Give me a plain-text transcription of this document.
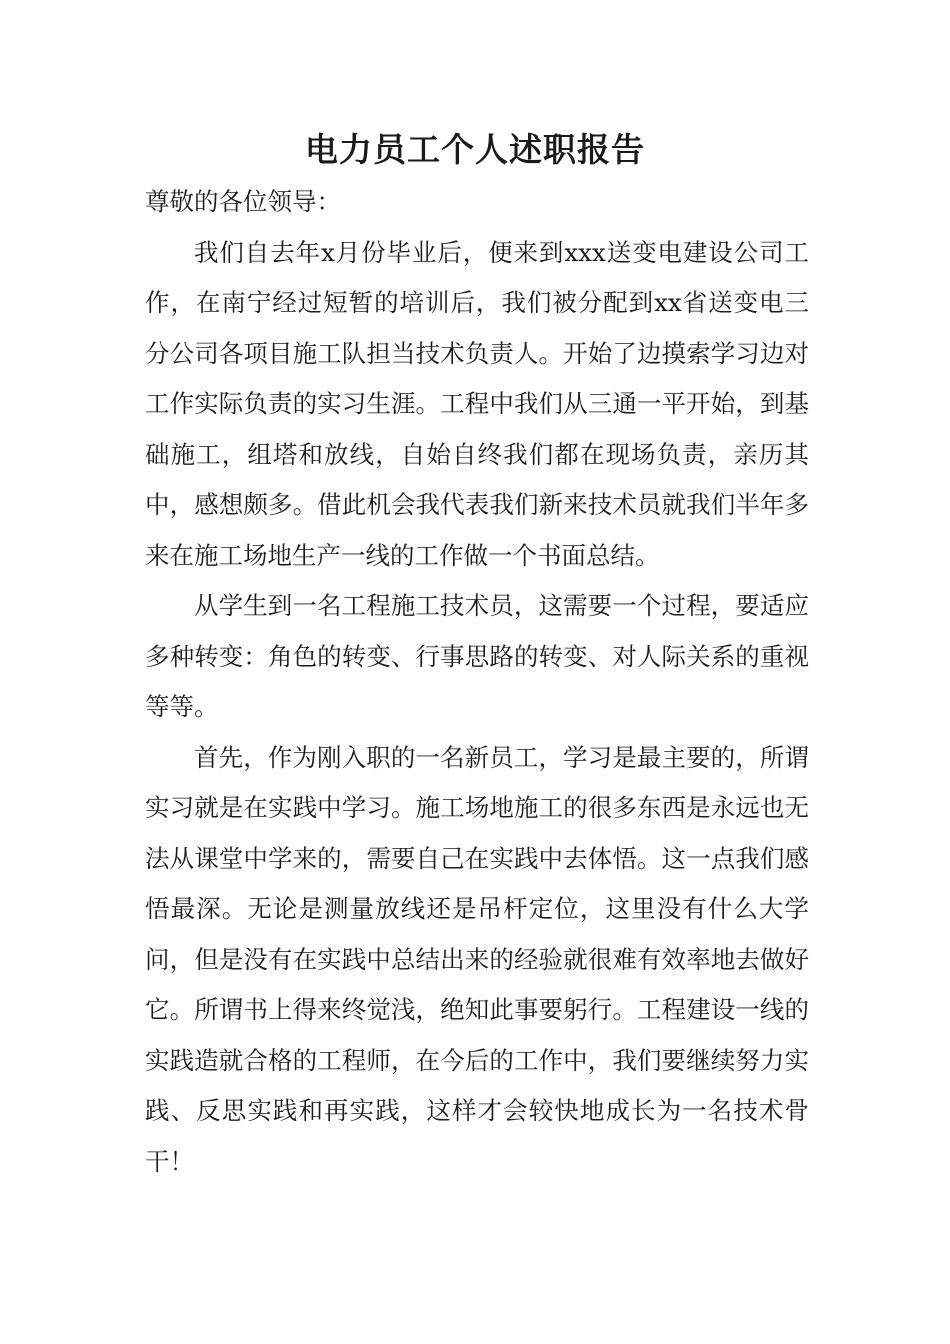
电力员工个人述职报告

尊敬的各位领导：

我们自去年x月份毕业后，便来到xxx送变电建设公司工作，在南宁经过短暂的培训后，我们被分配到xx省送变电三分公司各项目施工队担当技术负责人。开始了边摸索学习边对工作实际负责的实习生涯。工程中我们从三通一平开始，到基础施工，组塔和放线，自始自终我们都在现场负责，亲历其中，感想颇多。借此机会我代表我们新来技术员就我们半年多来在施工场地生产一线的工作做一个书面总结。

从学生到一名工程施工技术员，这需要一个过程，要适应多种转变：角色的转变、行事思路的转变、对人际关系的重视等等。

首先，作为刚入职的一名新员工，学习是最主要的，所谓实习就是在实践中学习。施工场地施工的很多东西是永远也无法从课堂中学来的，需要自己在实践中去体悟。这一点我们感悟最深。无论是测量放线还是吊杆定位，这里没有什么大学问，但是没有在实践中总结出来的经验就很难有效率地去做好它。所谓书上得来终觉浅，绝知此事要躬行。工程建设一线的实践造就合格的工程师，在今后的工作中，我们要继续努力实践、反思实践和再实践，这样才会较快地成长为一名技术骨干！
